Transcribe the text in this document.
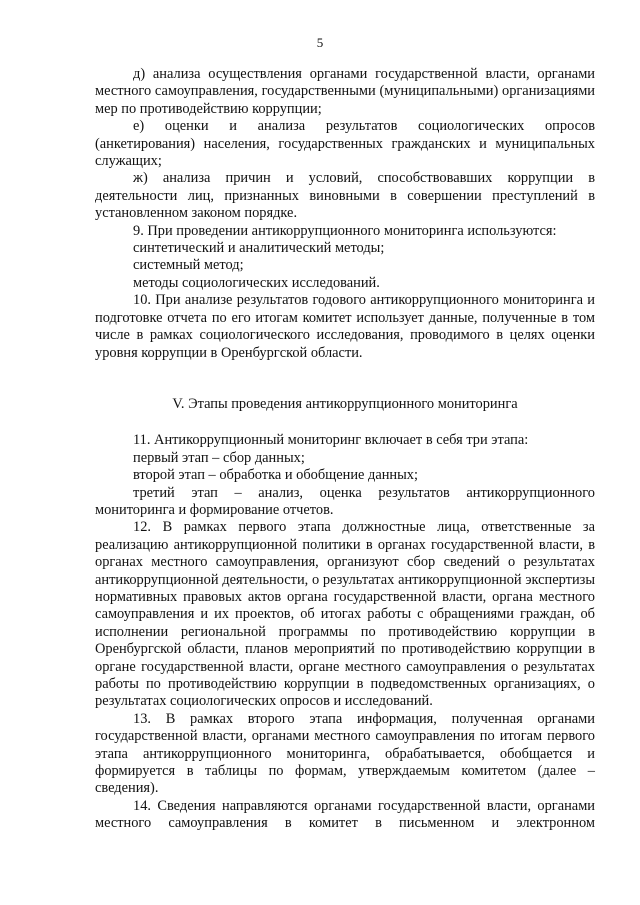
5

д) анализа осуществления органами государственной власти, органами местного самоуправления, государственными (муниципальными) организациями мер по противодействию коррупции;

е) оценки и анализа результатов социологических опросов (анкетирования) населения, государственных гражданских и муниципальных служащих;

ж) анализа причин и условий, способствовавших коррупции в деятельности лиц, признанных виновными в совершении преступлений в установленном законом порядке.

9. При проведении антикоррупционного мониторинга используются:

синтетический и аналитический методы;

системный метод;

методы социологических исследований.

10. При анализе результатов годового антикоррупционного мониторинга и подготовке отчета по его итогам комитет использует данные, полученные в том числе в рамках социологического исследования, проводимого в целях оценки уровня коррупции в Оренбургской области.

V. Этапы проведения антикоррупционного мониторинга

11. Антикоррупционный мониторинг включает в себя три этапа:

первый этап – сбор данных;

второй этап – обработка и обобщение данных;

третий этап – анализ, оценка результатов антикоррупционного мониторинга и формирование отчетов.

12. В рамках первого этапа должностные лица, ответственные за реализацию антикоррупционной политики в органах государственной власти, в органах местного самоуправления, организуют сбор сведений о результатах антикоррупционной деятельности, о результатах антикоррупционной экспертизы нормативных правовых актов органа государственной власти, органа местного самоуправления и их проектов, об итогах работы с обращениями граждан, об исполнении региональной программы по противодействию коррупции в Оренбургской области, планов мероприятий по противодействию коррупции в органе государственной власти, органе местного самоуправления о результатах работы по противодействию коррупции в подведомственных организациях, о результатах социологических опросов и исследований.

13. В рамках второго этапа информация, полученная органами государственной власти, органами местного самоуправления по итогам первого этапа антикоррупционного мониторинга, обрабатывается, обобщается и формируется в таблицы по формам, утверждаемым комитетом (далее – сведения).

14. Сведения направляются органами государственной власти, органами местного самоуправления в комитет в письменном и электронном
